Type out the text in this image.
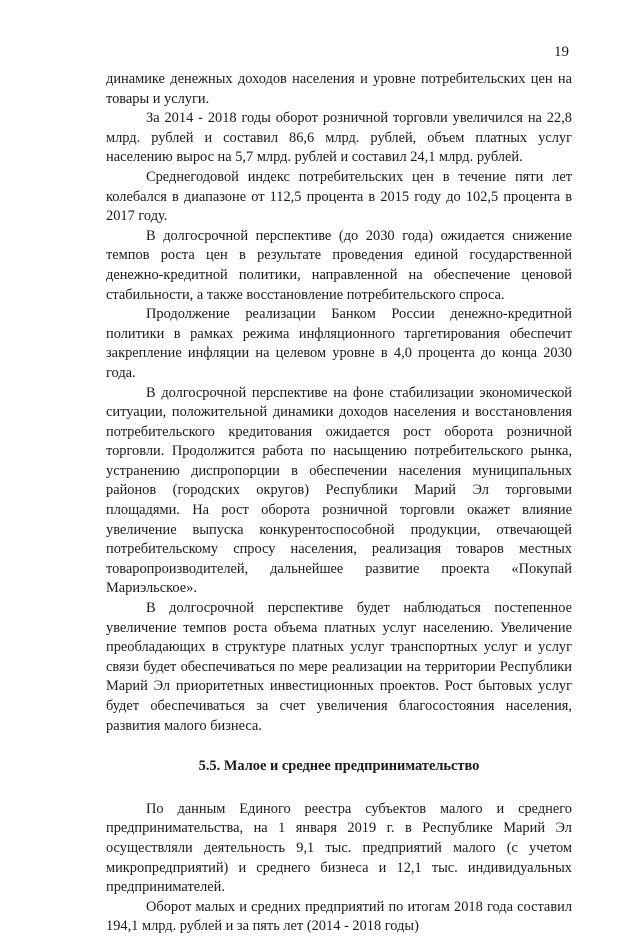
19

динамике денежных доходов населения и уровне потребительских цен на товары и услуги.

За 2014 - 2018 годы оборот розничной торговли увеличился на 22,8 млрд. рублей и составил 86,6 млрд. рублей, объем платных услуг населению вырос на 5,7 млрд. рублей и составил 24,1 млрд. рублей.

Среднегодовой индекс потребительских цен в течение пяти лет колебался в диапазоне от 112,5 процента в 2015 году до 102,5 процента в 2017 году.

В долгосрочной перспективе (до 2030 года) ожидается снижение темпов роста цен в результате проведения единой государственной денежно-кредитной политики, направленной на обеспечение ценовой стабильности, а также восстановление потребительского спроса.

Продолжение реализации Банком России денежно-кредитной политики в рамках режима инфляционного таргетирования обеспечит закрепление инфляции на целевом уровне в 4,0 процента до конца 2030 года.

В долгосрочной перспективе на фоне стабилизации экономической ситуации, положительной динамики доходов населения и восстановления потребительского кредитования ожидается рост оборота розничной торговли. Продолжится работа по насыщению потребительского рынка, устранению диспропорции в обеспечении населения муниципальных районов (городских округов) Республики Марий Эл торговыми площадями. На рост оборота розничной торговли окажет влияние увеличение выпуска конкурентоспособной продукции, отвечающей потребительскому спросу населения, реализация товаров местных товаропроизводителей, дальнейшее развитие проекта «Покупай Мариэльское».

В долгосрочной перспективе будет наблюдаться постепенное увеличение темпов роста объема платных услуг населению. Увеличение преобладающих в структуре платных услуг транспортных услуг и услуг связи будет обеспечиваться по мере реализации на территории Республики Марий Эл приоритетных инвестиционных проектов. Рост бытовых услуг будет обеспечиваться за счет увеличения благосостояния населения, развития малого бизнеса.

5.5. Малое и среднее предпринимательство

По данным Единого реестра субъектов малого и среднего предпринимательства, на 1 января 2019 г. в Республике Марий Эл осуществляли деятельность 9,1 тыс. предприятий малого (с учетом микропредприятий) и среднего бизнеса и 12,1 тыс. индивидуальных предпринимателей.

Оборот малых и средних предприятий по итогам 2018 года составил 194,1 млрд. рублей и за пять лет (2014 - 2018 годы)
